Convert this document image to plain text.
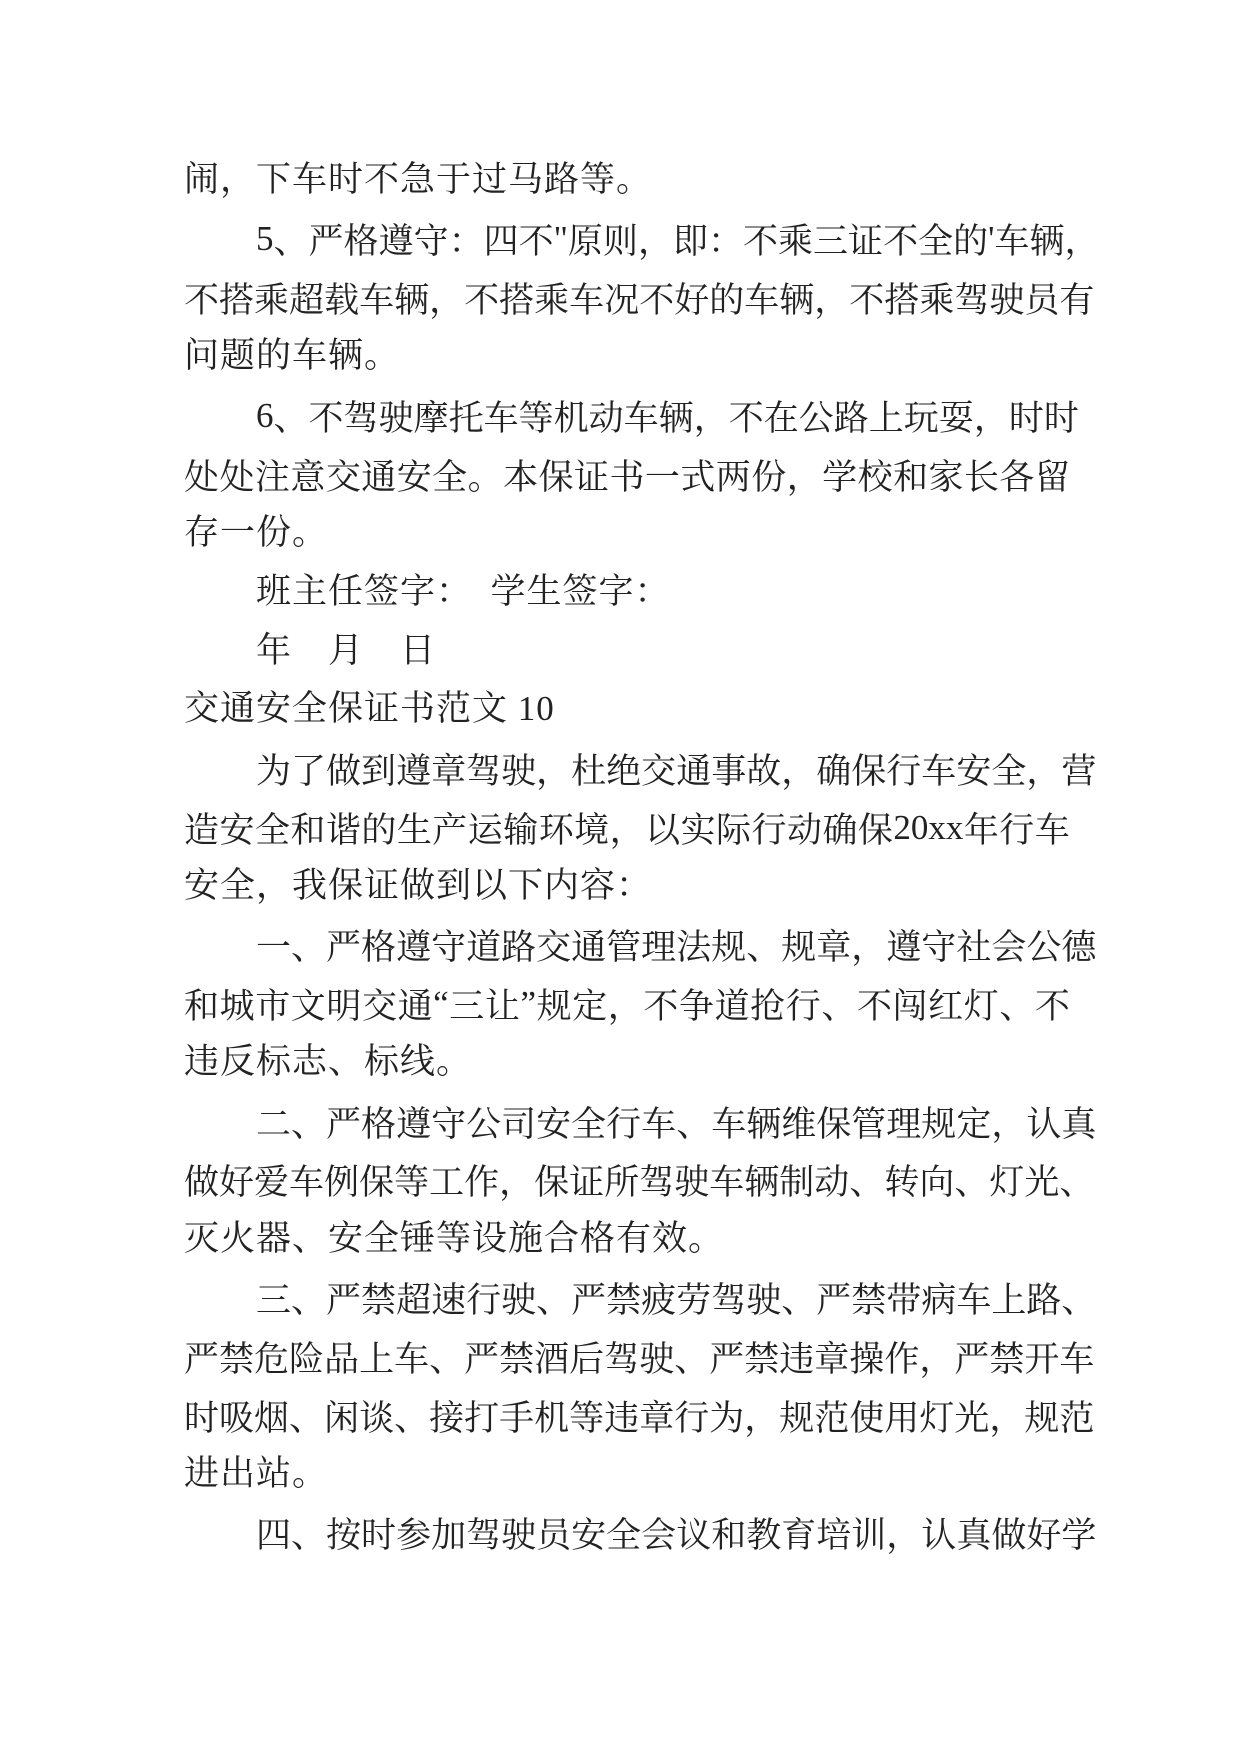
闹，下车时不急于过马路等。
5 、 严 格 遵 守 ： 四 不 " 原 则 ， 即 ： 不 乘 三 证 不 全 的 ' 车 辆 ，
不 搭 乘 超 载 车 辆 ， 不 搭 乘 车 况 不 好 的 车 辆 ， 不 搭 乘 驾 驶 员 有
问题的车辆。
6 、 不 驾 驶 摩 托 车 等 机 动 车 辆 ， 不 在 公 路 上 玩 耍 ， 时 时
处 处 注 意 交 通 安 全 。 本 保 证 书 一 式 两 份 ， 学 校 和 家 长 各 留
存一份。
班主任签字：　学生签字：
年　月　日
交通安全保证书范文 10
为 了 做 到 遵 章 驾 驶 ， 杜 绝 交 通 事 故 ， 确 保 行 车 安 全 ， 营
造 安 全 和 谐 的 生 产 运 输 环 境 ， 以 实 际 行 动 确 保 20xx 年 行 车
安全，我保证做到以下内容：
一 、 严 格 遵 守 道 路 交 通 管 理 法 规 、 规 章 ， 遵 守 社 会 公 德
和 城 市 文 明 交 通 “ 三 让 ” 规 定 ， 不 争 道 抢 行 、 不 闯 红 灯 、 不
违反标志、标线。
二 、 严 格 遵 守 公 司 安 全 行 车 、 车 辆 维 保 管 理 规 定 ， 认 真
做 好 爱 车 例 保 等 工 作 ， 保 证 所 驾 驶 车 辆 制 动 、 转 向 、 灯 光 、
灭火器、安全锤等设施合格有效。
三 、 严 禁 超 速 行 驶 、 严 禁 疲 劳 驾 驶 、 严 禁 带 病 车 上 路 、
严 禁 危 险 品 上 车 、 严 禁 酒 后 驾 驶 、 严 禁 违 章 操 作 ， 严 禁 开 车
时 吸 烟 、 闲 谈 、 接 打 手 机 等 违 章 行 为 ， 规 范 使 用 灯 光 ， 规 范
进出站。
四 、 按 时 参 加 驾 驶 员 安 全 会 议 和 教 育 培 训 ， 认 真 做 好 学
